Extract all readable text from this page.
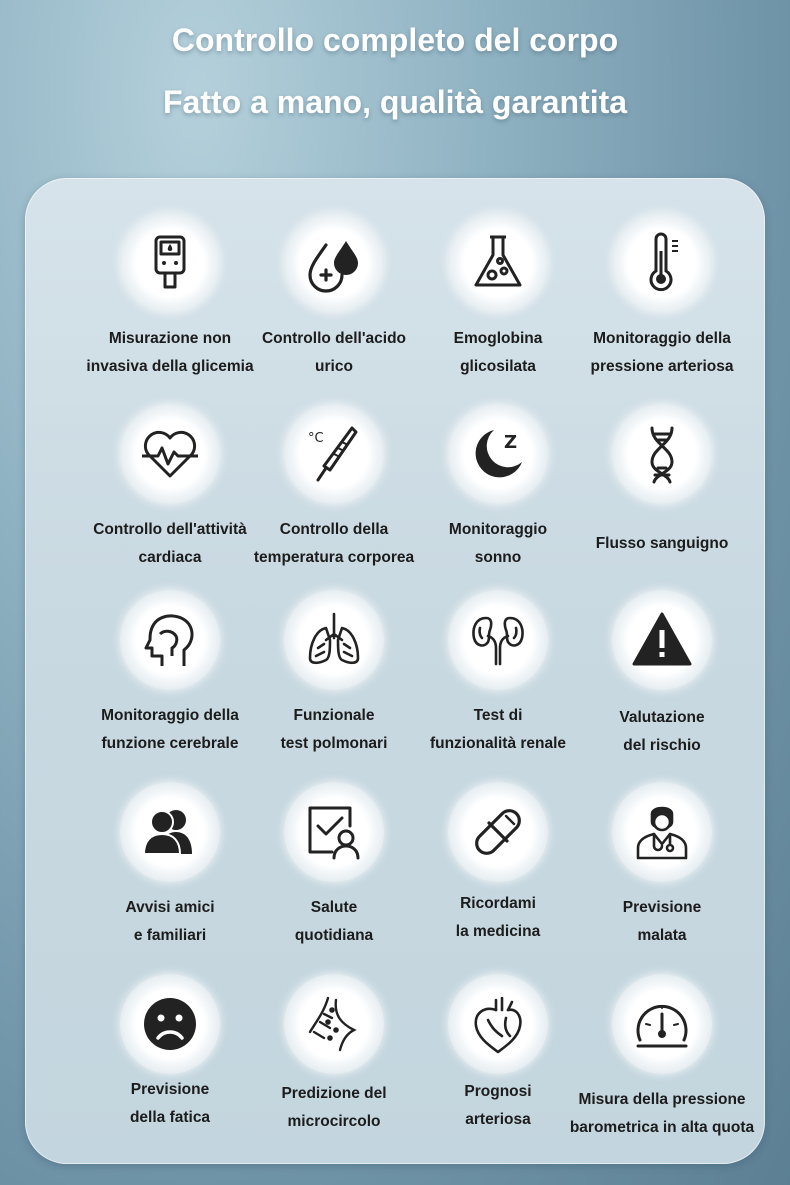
Controllo completo del corpo
Fatto a mano, qualità garantita
Misurazione non
invasiva della glicemia
Controllo dell'acido
urico
Emoglobina
glicosilata
Monitoraggio della
pressione arteriosa
Controllo dell'attività
cardiaca
°C
Controllo della
temperatura corporea
Z
Monitoraggio
sonno
Flusso sanguigno
Monitoraggio della
funzione cerebrale
Funzionale
test polmonari
Test di
funzionalità renale
Valutazione
del rischio
Avvisi amici
e familiari
Salute
quotidiana
Ricordami
la medicina
Previsione
malata
Previsione
della fatica
Predizione del
microcircolo
Prognosi
arteriosa
Misura della pressione
barometrica in alta quota
